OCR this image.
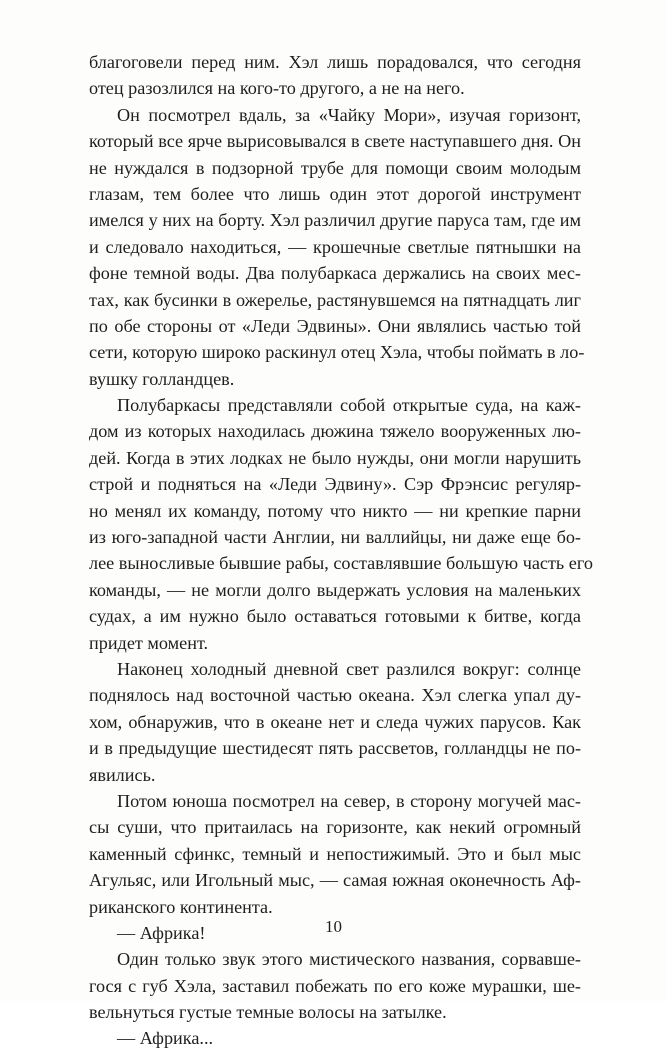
благоговели перед ним. Хэл лишь порадовался, что сегодня
отец разозлился на кого-то другого, а не на него.
Он посмотрел вдаль, за «Чайку Мори», изучая горизонт,
который все ярче вырисовывался в свете наступавшего дня. Он
не нуждался в подзорной трубе для помощи своим молодым
глазам, тем более что лишь один этот дорогой инструмент
имелся у них на борту. Хэл различил другие паруса там, где им
и следовало находиться, — крошечные светлые пятнышки на
фоне темной воды. Два полубаркаса держались на своих мес-
тах, как бусинки в ожерелье, растянувшемся на пятнадцать лиг
по обе стороны от «Леди Эдвины». Они являлись частью той
сети, которую широко раскинул отец Хэла, чтобы поймать в ло-
вушку голландцев.
Полубаркасы представляли собой открытые суда, на каж-
дом из которых находилась дюжина тяжело вооруженных лю-
дей. Когда в этих лодках не было нужды, они могли нарушить
строй и подняться на «Леди Эдвину». Сэр Фрэнсис регуляр-
но менял их команду, потому что никто — ни крепкие парни
из юго-западной части Англии, ни валлийцы, ни даже еще бо-
лее выносливые бывшие рабы, составлявшие большую часть его
команды, — не могли долго выдержать условия на маленьких
судах, а им нужно было оставаться готовыми к битве, когда
придет момент.
Наконец холодный дневной свет разлился вокруг: солнце
поднялось над восточной частью океана. Хэл слегка упал ду-
хом, обнаружив, что в океане нет и следа чужих парусов. Как
и в предыдущие шестидесят пять рассветов, голландцы не по-
явились.
Потом юноша посмотрел на север, в сторону могучей мас-
сы суши, что притаилась на горизонте, как некий огромный
каменный сфинкс, темный и непостижимый. Это и был мыс
Агульяс, или Игольный мыс, — самая южная оконечность Аф-
риканского континента.
— Африка!
Один только звук этого мистического названия, сорвавше-
гося с губ Хэла, заставил побежать по его коже мурашки, ше-
вельнуться густые темные волосы на затылке.
— Африка...
10
